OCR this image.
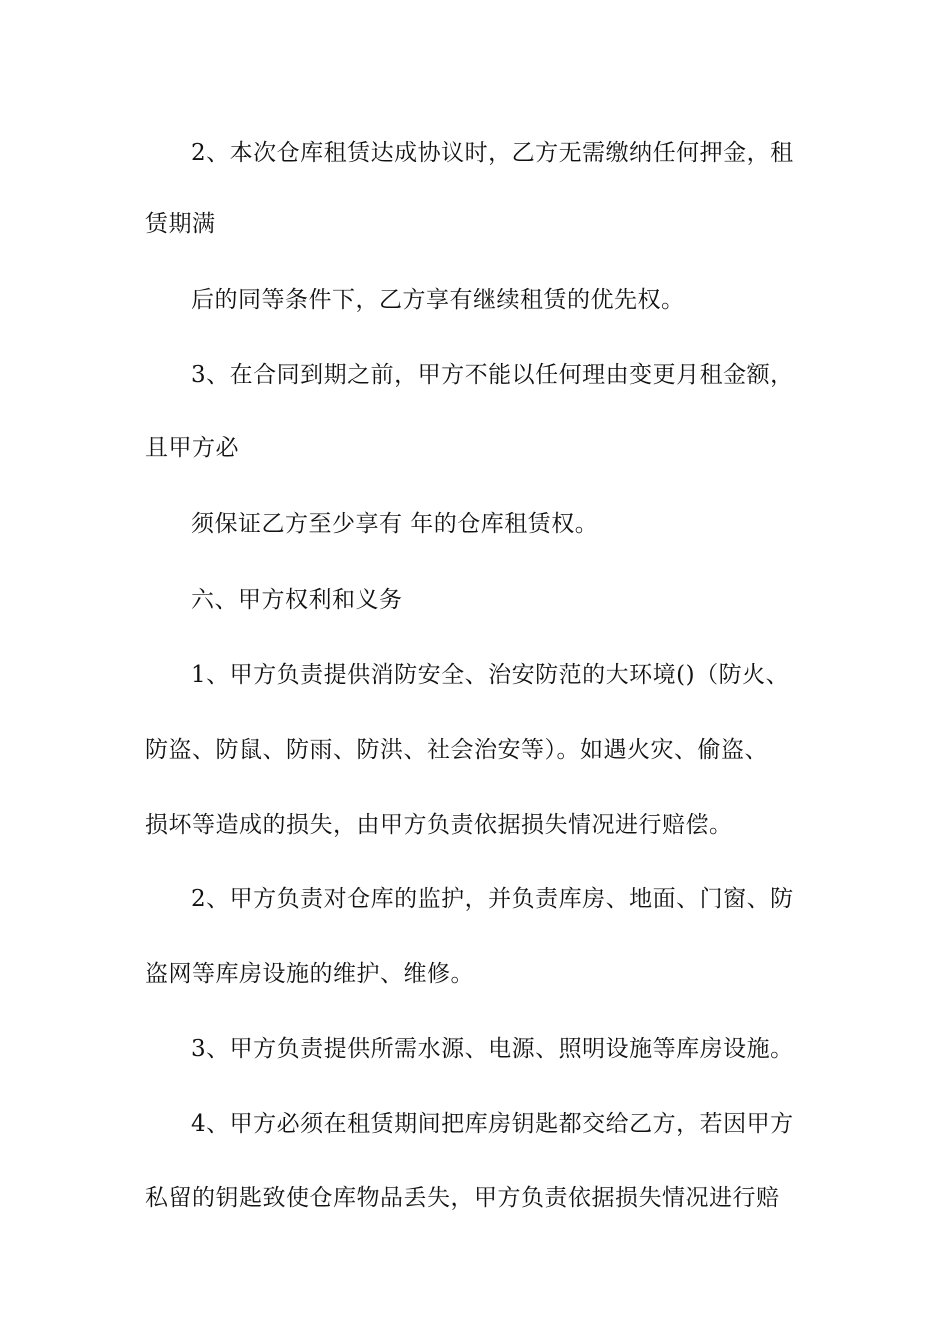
2、本次仓库租赁达成协议时，乙方无需缴纳任何押金，租
赁期满
后的同等条件下，乙方享有继续租赁的优先权。
3、在合同到期之前，甲方不能以任何理由变更月租金额，
且甲方必
须保证乙方至少享有 年的仓库租赁权。
六、甲方权利和义务
1、甲方负责提供消防安全、治安防范的大环境()（防火、
防盗、防鼠、防雨、防洪、社会治安等）。如遇火灾、偷盗、
损坏等造成的损失，由甲方负责依据损失情况进行赔偿。
2、甲方负责对仓库的监护，并负责库房、地面、门窗、防
盗网等库房设施的维护、维修。
3、甲方负责提供所需水源、电源、照明设施等库房设施。
4、甲方必须在租赁期间把库房钥匙都交给乙方，若因甲方
私留的钥匙致使仓库物品丢失，甲方负责依据损失情况进行赔
